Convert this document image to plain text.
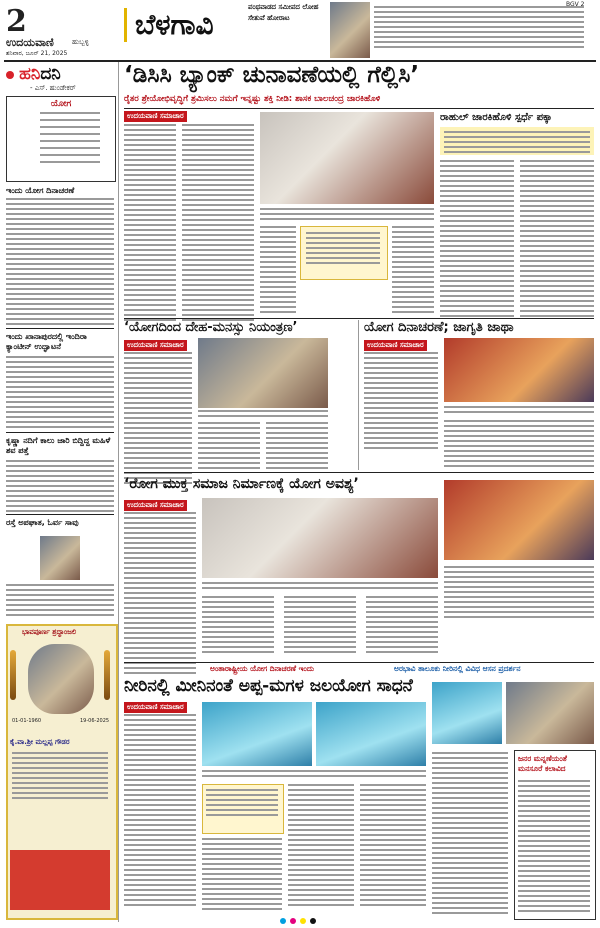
2
ಉದಯವಾಣಿ	ಹುಬ್ಬಳ್ಳಿ
ಶನಿವಾರ, ಜೂನ್ 21, 2025
ಬೆಳಗಾವಿ
ಪಂಥವಾಡದ ಸಮೀಪದ ಲೋಹ ಸೇತುವೆ ಹೋರಾಟ
BGV 2
ಹನಿದನಿ
- ಎಸ್. ಹುಂಡೇಕರ್
ಯೋಗ
ಇಂದು ಯೋಗ ದಿನಾಚರಣೆ
ಇಂದು ಖಾನಾಪುರದಲ್ಲಿ ಇಂದಿರಾ ಕ್ಯಾಂಟೀನ್ ಉದ್ಘಾಟನೆ
ಕೃಷ್ಣಾ ನದಿಗೆ ಕಾಲು ಜಾರಿ ಬಿದ್ದಿದ್ದ ಮಹಿಳೆ ಶವ ಪತ್ತೆ
ರಸ್ತೆ ಅಪಘಾತ, ಓರ್ವ ಸಾವು
ಭಾವಪೂರ್ಣ ಶ್ರದ್ಧಾಂಜಲಿ
01-01-1960	19-06-2025
ಕೈ.ವಾ.ಶ್ರೀ ಮಲ್ಲಪ್ಪ ಗೌಡರ
‘ಡಿಸಿಸಿ ಬ್ಯಾಂಕ್ ಚುನಾವಣೆಯಲ್ಲಿ ಗೆಲ್ಲಿಸಿ’
ರೈತರ ಶ್ರೇಯೋಭಿವೃದ್ಧಿಗೆ ಶ್ರಮಿಸಲು ನಮಗೆ ಇನ್ನಷ್ಟು ಶಕ್ತಿ ನೀಡಿ: ಶಾಸಕ ಬಾಲಚಂದ್ರ ಜಾರಕಿಹೊಳಿ
ಉದಯವಾಣಿ ಸಮಾಚಾರ	ರಾಹುಲ್ ಜಾರಕಿಹೊಳಿ ಸ್ಪರ್ಧೆ ಪಕ್ಕಾ
‘ಯೋಗದಿಂದ ದೇಹ-ಮನಸ್ಸು ನಿಯಂತ್ರಣ’	ಯೋಗ ದಿನಾಚರಣೆ; ಜಾಗೃತಿ ಜಾಥಾ
ಉದಯವಾಣಿ ಸಮಾಚಾರ	ಉದಯವಾಣಿ ಸಮಾಚಾರ
‘ರೋಗ ಮುಕ್ತ ಸಮಾಜ ನಿರ್ಮಾಣಕ್ಕೆ ಯೋಗ ಅವಶ್ಯ’
ಉದಯವಾಣಿ ಸಮಾಚಾರ
ಅಂತಾರಾಷ್ಟ್ರೀಯ ಯೋಗ ದಿನಾಚರಣೆ ಇಂದು	ಅರಭಾವಿ ತಾಲೂಕು ನೀರಿನಲ್ಲಿ ವಿವಿಧ ಆಸನ ಪ್ರದರ್ಶನ
ನೀರಿನಲ್ಲಿ ಮೀನಿನಂತೆ ಅಪ್ಪ-ಮಗಳ ಜಲಯೋಗ ಸಾಧನೆ
ಉದಯವಾಣಿ ಸಮಾಚಾರ
ಜನರ ಮನ್ನಣೆಯಂತೆ ಮನಸೂರೆ ಕಲಾವಿದ
